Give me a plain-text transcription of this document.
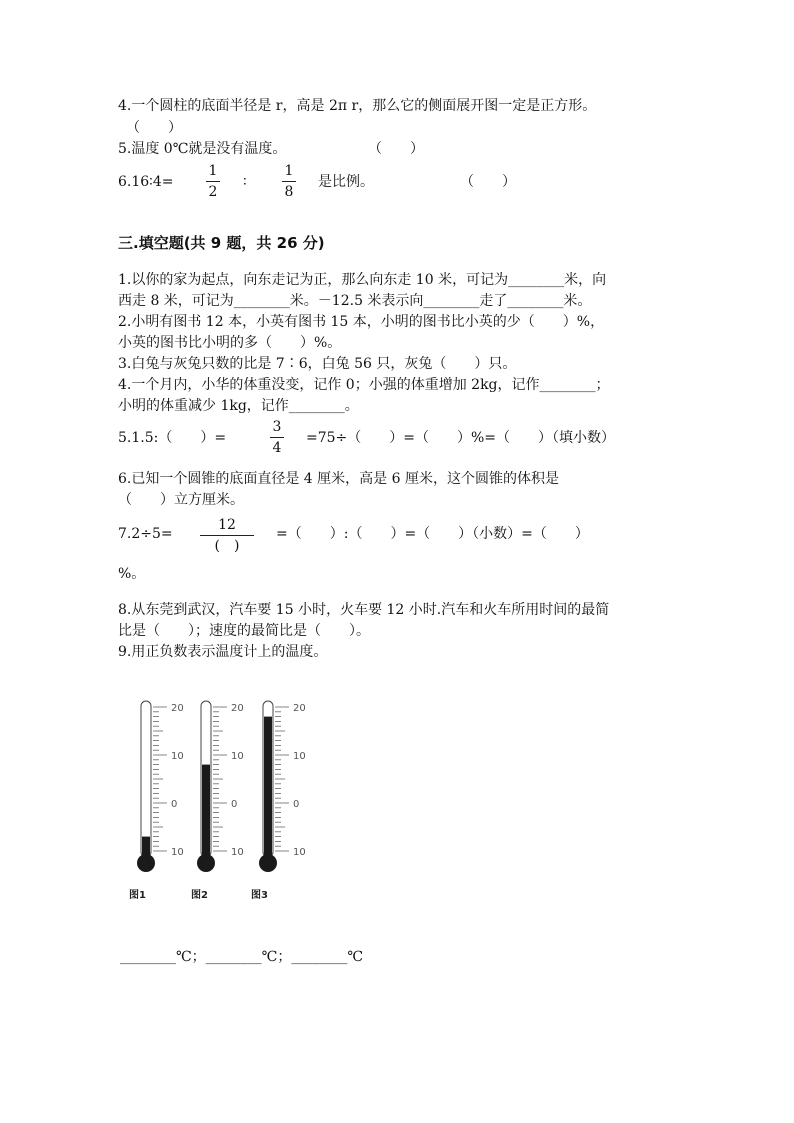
4.一个圆柱的底面半径是 r，高是 2π r，那么它的侧面展开图一定是正方形。
（　　）
5.温度 0℃就是没有温度。	（　　）
6.16∶4=
1
2
∶
1
8
是比例。	（　　）
三.填空题(共 9 题，共 26 分)
1.以你的家为起点，向东走记为正，那么向东走 10 米，可记为________米，向
西走 8 米，可记为________米。－12.5 米表示向________走了________米。
2.小明有图书 12 本，小英有图书 15 本，小明的图书比小英的少（　　）%，
小英的图书比小明的多（　　）%。
3.白兔与灰兔只数的比是 7∶6，白兔 56 只，灰兔（　　）只。
4.一个月内，小华的体重没变，记作 0；小强的体重增加 2kg，记作________；
小明的体重减少 1kg，记作________。
5.1.5:（　　）=
3
4
=75÷（　　）=（　　）%=（　　）（填小数）
6.已知一个圆锥的底面直径是 4 厘米，高是 6 厘米，这个圆锥的体积是
（　　）立方厘米。
7.2÷5=
12
(　)
=（　　）:（　　）=（　　）（小数）=（　　）
%。
8.从东莞到武汉，汽车要 15 小时，火车要 12 小时.汽车和火车所用时间的最简
比是（　　）；速度的最简比是（　　）。
9.用正负数表示温度计上的温度。
20
10
0
10
图1
20
10
0
10
图2
20
10
0
10
图3
________℃；________℃；________℃
